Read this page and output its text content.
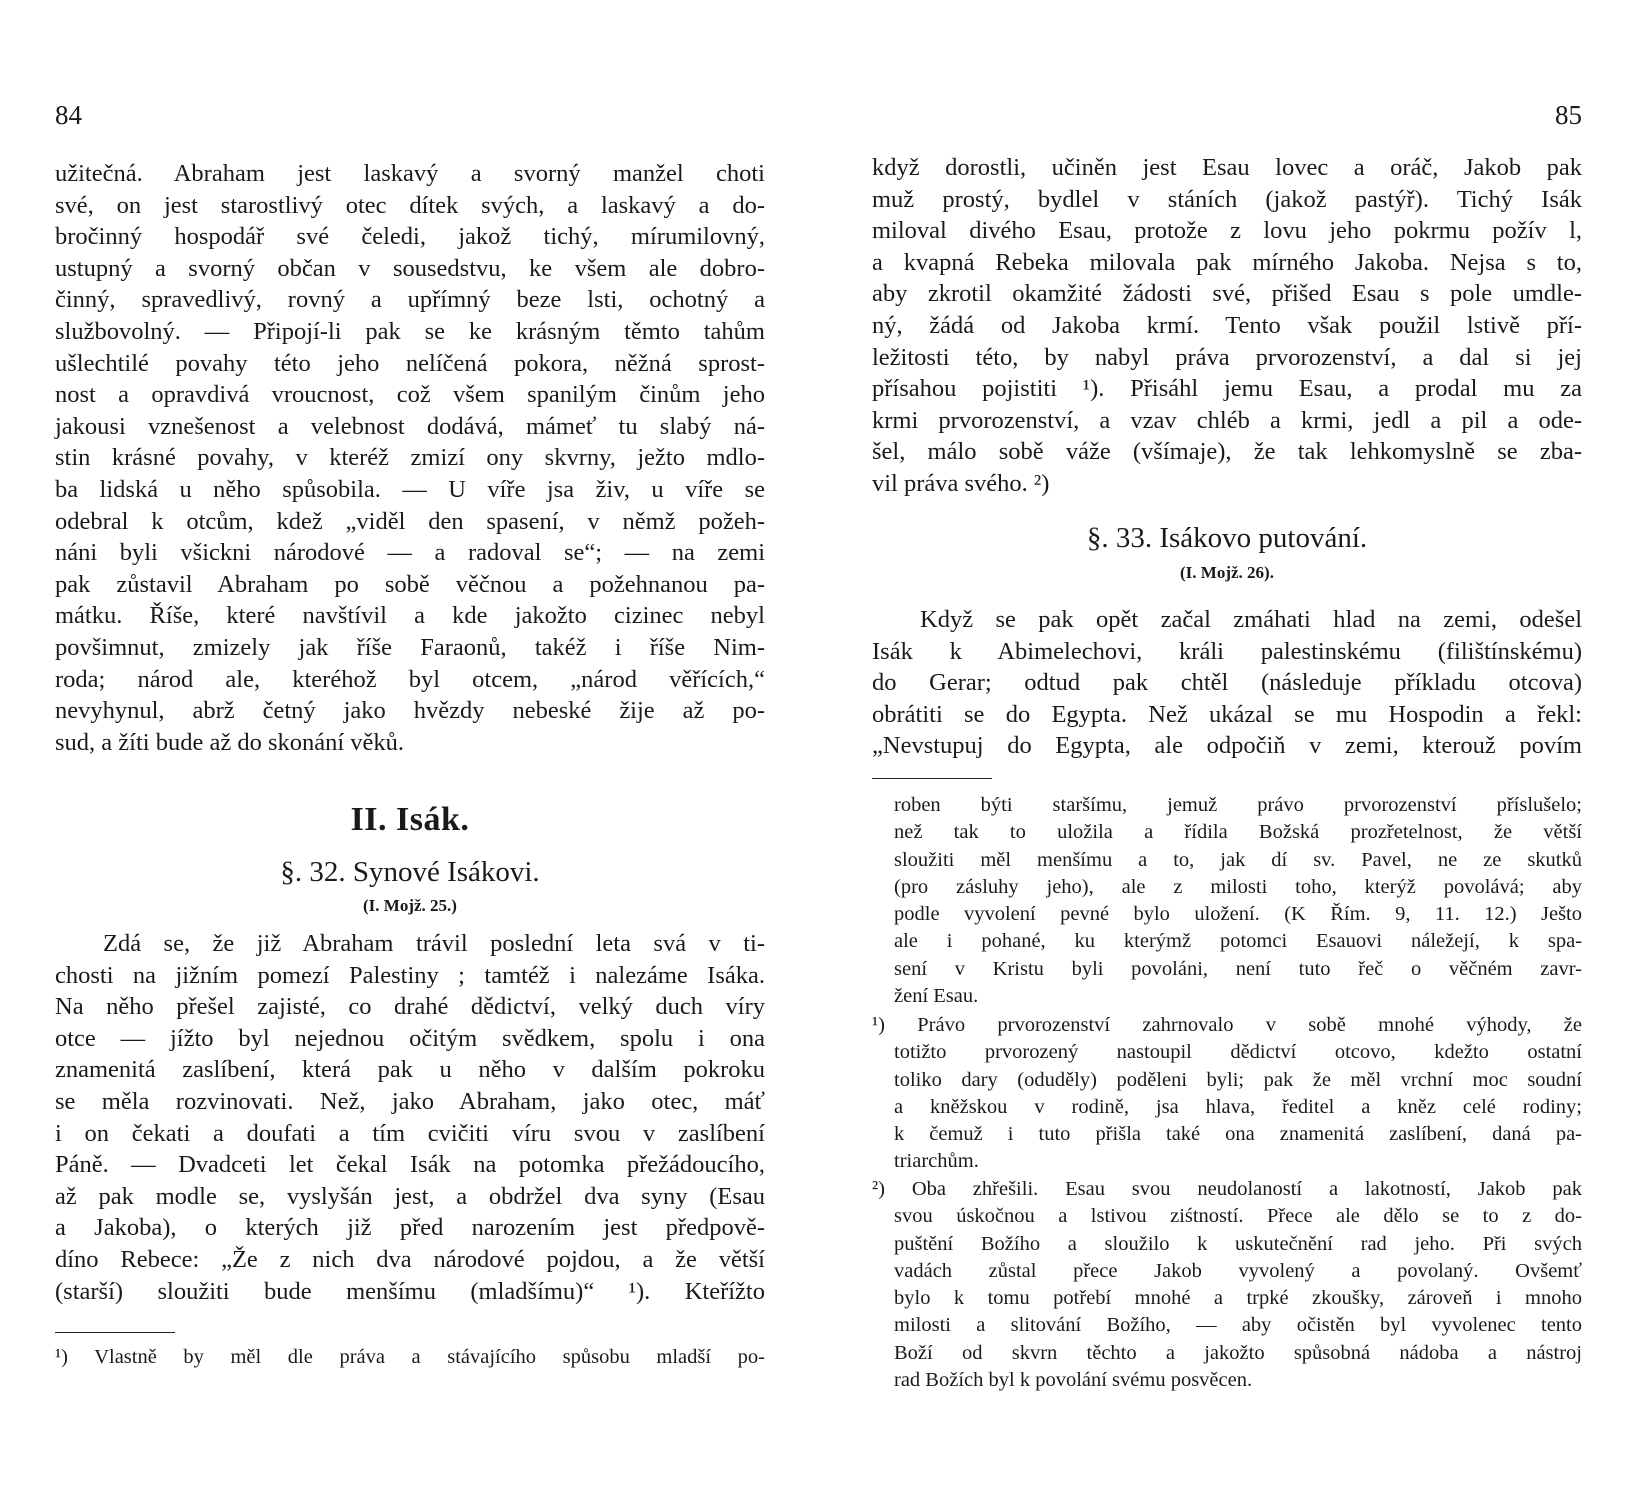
84
užitečná. Abraham jest laskavý a svorný manžel choti
své, on jest starostlivý otec dítek svých, a laskavý a do-
bročinný hospodář své čeledi, jakož tichý, mírumilovný,
ustupný a svorný občan v sousedstvu, ke všem ale dobro-
činný, spravedlivý, rovný a upřímný beze lsti, ochotný a
službovolný. — Připojí-li pak se ke krásným těmto tahům
ušlechtilé povahy této jeho nelíčená pokora, něžná sprost-
nost a opravdivá vroucnost, což všem spanilým činům jeho
jakousi vznešenost a velebnost dodává, mámeť tu slabý ná-
stin krásné povahy, v kteréž zmizí ony skvrny, ježto mdlo-
ba lidská u něho spůsobila. — U víře jsa živ, u víře se
odebral k otcům, kdež „viděl den spasení, v němž požeh-
náni byli všickni národové — a radoval se“; — na zemi
pak zůstavil Abraham po sobě věčnou a požehnanou pa-
mátku. Říše, které navštívil a kde jakožto cizinec nebyl
povšimnut, zmizely jak říše Faraonů, takéž i říše Nim-
roda; národ ale, kteréhož byl otcem, „národ věřících,“
nevyhynul, abrž četný jako hvězdy nebeské žije až po-
sud, a žíti bude až do skonání věků.
II. Isák.
§. 32. Synové Isákovi.
(I. Mojž. 25.)
Zdá se, že již Abraham trávil poslední leta svá v ti-
chosti na jižním pomezí Palestiny ; tamtéž i nalezáme Isáka.
Na něho přešel zajisté, co drahé dědictví, velký duch víry
otce — jížto byl nejednou očitým svědkem, spolu i ona
znamenitá zaslíbení, která pak u něho v dalším pokroku
se měla rozvinovati. Než, jako Abraham, jako otec, máť
i on čekati a doufati a tím cvičiti víru svou v zaslíbení
Páně. — Dvadceti let čekal Isák na potomka přežádoucího,
až pak modle se, vyslyšán jest, a obdržel dva syny (Esau
a Jakoba), o kterých již před narozením jest předpově-
díno Rebece: „Že z nich dva národové pojdou, a že větší
(starší) sloužiti bude menšímu (mladšímu)“ ¹). Kteřížto
¹) Vlastně by měl dle práva a stávajícího spůsobu mladší po-
85
když dorostli, učiněn jest Esau lovec a oráč, Jakob pak
muž prostý, bydlel v stáních (jakož pastýř). Tichý Isák
miloval divého Esau, protože z lovu jeho pokrmu požív l,
a kvapná Rebeka milovala pak mírného Jakoba. Nejsa s to,
aby zkrotil okamžité žádosti své, přišed Esau s pole umdle-
ný, žádá od Jakoba krmí. Tento však použil lstivě pří-
ležitosti této, by nabyl práva prvorozenství, a dal si jej
přísahou pojistiti ¹). Přisáhl jemu Esau, a prodal mu za
krmi prvorozenství, a vzav chléb a krmi, jedl a pil a ode-
šel, málo sobě váže (všímaje), že tak lehkomyslně se zba-
vil práva svého. ²)
§. 33. Isákovo putování.
(I. Mojž. 26).
Když se pak opět začal zmáhati hlad na zemi, odešel
Isák k Abimelechovi, králi palestinskému (filištínskému)
do Gerar; odtud pak chtěl (následuje příkladu otcova)
obrátiti se do Egypta. Než ukázal se mu Hospodin a řekl:
„Nevstupuj do Egypta, ale odpočiň v zemi, kterouž povím
roben býti staršímu, jemuž právo prvorozenství příslušelo;
než tak to uložila a řídila Božská prozřetelnost, že větší
sloužiti měl menšímu a to, jak dí sv. Pavel, ne ze skutků
(pro zásluhy jeho), ale z milosti toho, kterýž povolává; aby
podle vyvolení pevné bylo uložení. (K Řím. 9, 11. 12.) Ješto
ale i pohané, ku kterýmž potomci Esauovi náležejí, k spa-
sení v Kristu byli povoláni, není tuto řeč o věčném zavr-
žení Esau.
¹) Právo prvorozenství zahrnovalo v sobě mnohé výhody, že
totižto prvorozený nastoupil dědictví otcovo, kdežto ostatní
toliko dary (oduděly) poděleni byli; pak že měl vrchní moc soudní
a kněžskou v rodině, jsa hlava, ředitel a kněz celé rodiny;
k čemuž i tuto přišla také ona znamenitá zaslíbení, daná pa-
triarchům.
²) Oba zhřešili. Esau svou neudolaností a lakotností, Jakob pak
svou úskočnou a lstivou ziśtností. Přece ale dělo se to z do-
puštění Božího a sloužilo k uskutečnění rad jeho. Při svých
vadách zůstal přece Jakob vyvolený a povolaný. Ovšemť
bylo k tomu potřebí mnohé a trpké zkoušky, zároveň i mnoho
milosti a slitování Božího, — aby očistěn byl vyvolenec tento
Boží od skvrn těchto a jakožto spůsobná nádoba a nástroj
rad Božích byl k povolání svému posvěcen.
